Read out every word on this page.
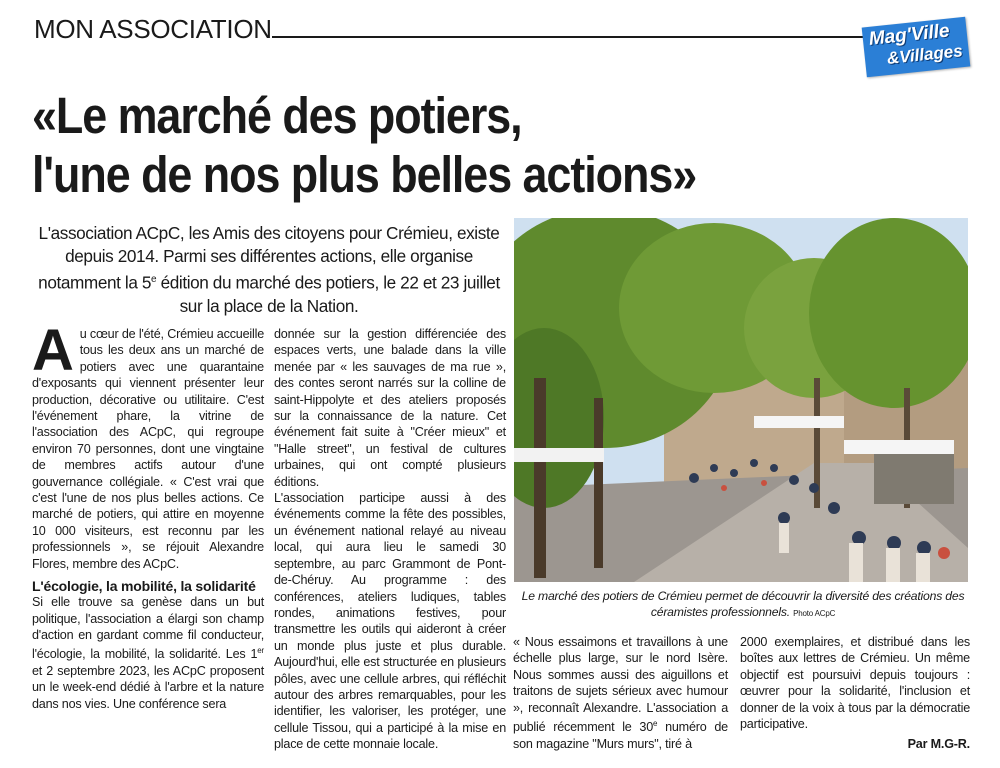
MON ASSOCIATION	Mag'Ville
&Villages
«Le marché des potiers,
l'une de nos plus belles actions»

L'association ACpC, les Amis des citoyens pour Crémieu, existe depuis 2014. Parmi ses différentes actions, elle organise notamment la 5e édition du marché des potiers, le 22 et 23 juillet sur la place de la Nation.

Au cœur de l'été, Crémieu accueille tous les deux ans un marché de potiers avec une quarantaine d'exposants qui viennent présenter leur production, décorative ou utilitaire. C'est l'événement phare, la vitrine de l'association des ACpC, qui regroupe environ 70 personnes, dont une vingtaine de membres actifs autour d'une gouvernance collégiale. « C'est vrai que c'est l'une de nos plus belles actions. Ce marché de potiers, qui attire en moyenne 10 000 visiteurs, est reconnu par les professionnels », se réjouit Alexandre Flores, membre des ACpC.

L'écologie, la mobilité, la solidarité

Si elle trouve sa genèse dans un but politique, l'association a élargi son champ d'action en gardant comme fil conducteur, l'écologie, la mobilité, la solidarité. Les 1er et 2 septembre 2023, les ACpC proposent un le week-end dédié à l'arbre et la nature dans nos vies. Une conférence sera

donnée sur la gestion différenciée des espaces verts, une balade dans la ville menée par « les sauvages de ma rue », des contes seront narrés sur la colline de saint-Hippolyte et des ateliers proposés sur la connaissance de la nature. Cet événement fait suite à "Créer mieux" et "Halle street", un festival de cultures urbaines, qui ont compté plusieurs éditions.

L'association participe aussi à des événements comme la fête des possibles, un événement national relayé au niveau local, qui aura lieu le samedi 30 septembre, au parc Grammont de Pont-de-Chéruy. Au programme : des conférences, ateliers ludiques, tables rondes, animations festives, pour transmettre les outils qui aideront à créer un monde plus juste et plus durable. Aujourd'hui, elle est structurée en plusieurs pôles, avec une cellule arbres, qui réfléchit autour des arbres remarquables, pour les identifier, les valoriser, les protéger, une cellule Tissou, qui a participé à la mise en place de cette monnaie locale.

Le marché des potiers de Crémieu permet de découvrir la diversité des créations des céramistes professionnels. Photo ACpC

« Nous essaimons et travaillons à une échelle plus large, sur le nord Isère. Nous sommes aussi des aiguillons et traitons de sujets sérieux avec humour », reconnaît Alexandre. L'association a publié récemment le 30e numéro de son magazine "Murs murs", tiré à

2000 exemplaires, et distribué dans les boîtes aux lettres de Crémieu. Un même objectif est poursuivi depuis toujours : œuvrer pour la solidarité, l'inclusion et donner de la voix à tous par la démocratie participative.

Par M.G-R.
